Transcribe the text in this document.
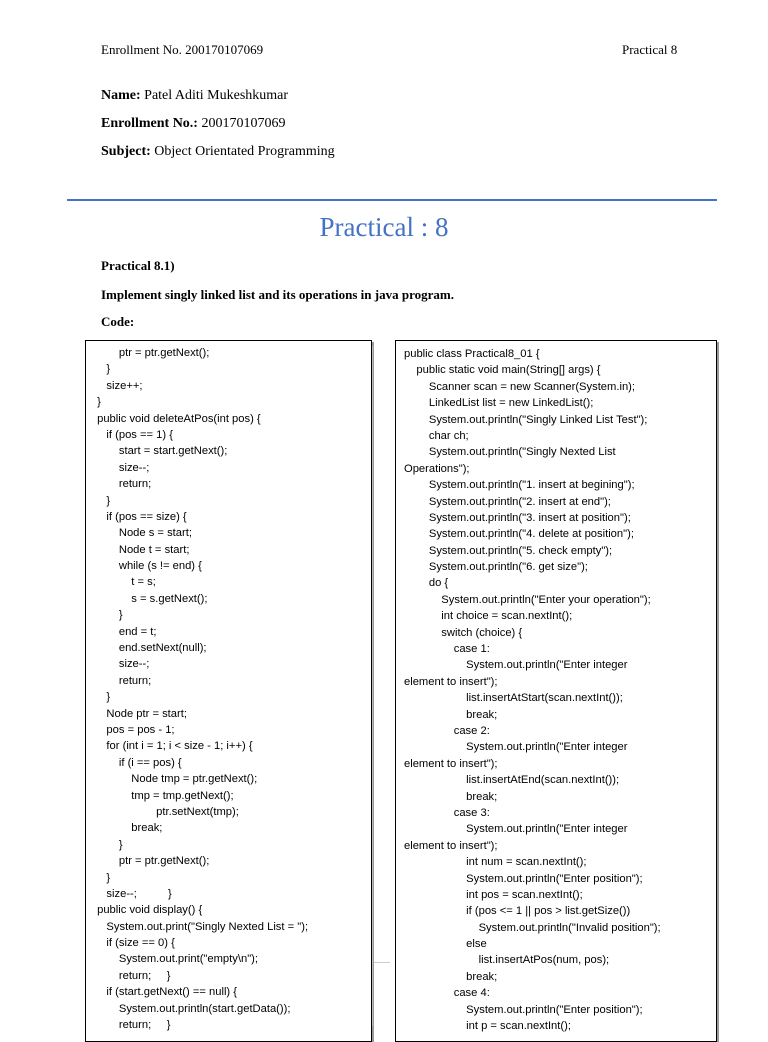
Enrollment No. 200170107069	Practical 8
Name: Patel Aditi Mukeshkumar
Enrollment No.: 200170107069
Subject: Object Orientated Programming
Practical : 8
Practical 8.1)
Implement singly linked list and its operations in java program.
Code:
ptr = ptr.getNext();
}
size++;
}
public void deleteAtPos(int pos) {
if (pos == 1) {
start = start.getNext();
size--;
return;
}
if (pos == size) {
Node s = start;
Node t = start;
while (s != end) {
t = s;
s = s.getNext();
}
end = t;
end.setNext(null);
size--;
return;
}
Node ptr = start;
pos = pos - 1;
for (int i = 1; i < size - 1; i++) {
if (i == pos) {
Node tmp = ptr.getNext();
tmp = tmp.getNext();
ptr.setNext(tmp);
break;
}
ptr = ptr.getNext();
}
size--;          }
public void display() {
System.out.print("Singly Nexted List = ");
if (size == 0) {
System.out.print("empty\n");
return;     }
if (start.getNext() == null) {
System.out.println(start.getData());
return;     }
public class Practical8_01 {
public static void main(String[] args) {
Scanner scan = new Scanner(System.in);
LinkedList list = new LinkedList();
System.out.println("Singly Linked List Test");
char ch;
System.out.println("Singly Nexted List
Operations");
System.out.println("1. insert at begining");
System.out.println("2. insert at end");
System.out.println("3. insert at position");
System.out.println("4. delete at position");
System.out.println("5. check empty");
System.out.println("6. get size");
do {
System.out.println("Enter your operation");
int choice = scan.nextInt();
switch (choice) {
case 1:
System.out.println("Enter integer
element to insert");
list.insertAtStart(scan.nextInt());
break;
case 2:
System.out.println("Enter integer
element to insert");
list.insertAtEnd(scan.nextInt());
break;
case 3:
System.out.println("Enter integer
element to insert");
int num = scan.nextInt();
System.out.println("Enter position");
int pos = scan.nextInt();
if (pos <= 1 || pos > list.getSize())
System.out.println("Invalid position");
else
list.insertAtPos(num, pos);
break;
case 4:
System.out.println("Enter position");
int p = scan.nextInt();
